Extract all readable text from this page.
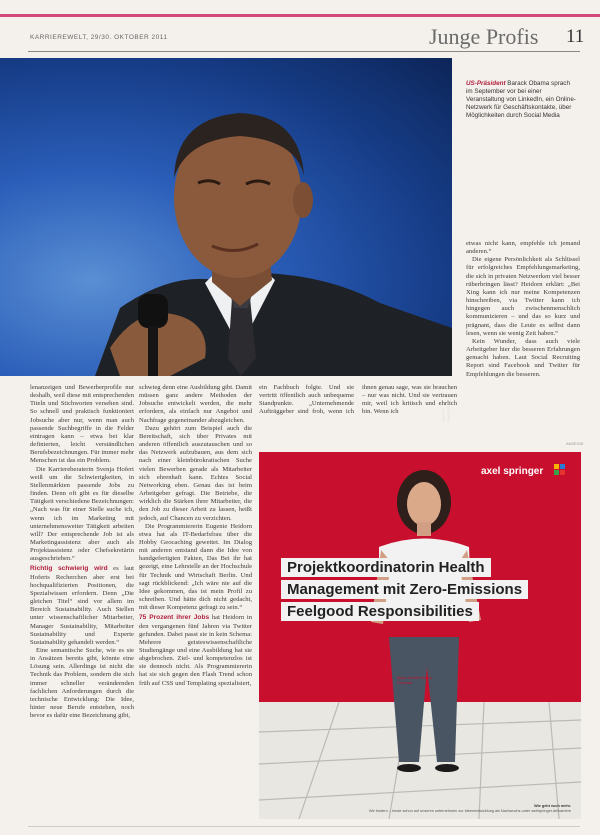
KARRIEREWELT, 29/30. OKTOBER 2011	Junge Profis 11
GETTY IMAGES
US-Präsident Barack Obama sprach im September vor bei einer Veranstaltung von LinkedIn, ein Online-Netzwerk für Geschäftskontakte, über Möglichkeiten durch Social Media

etwas nicht kann, empfehle ich jemand anderen.“

Die eigene Persönlichkeit als Schlüssel für erfolgreiches Empfehlungsmarketing, die sich in privaten Netzwerken viel besser rüberbringen lässt? Heidorn erklärt: „Bei Xing kann ich nur meine Kompetenzen hinschreiben, via Twitter kann ich hingegen auch zwischenmenschlich kommunizieren – und das so kurz und prägnant, dass die Leute es selbst dann lesen, wenn sie wenig Zeit haben.“

Kein Wunder, dass auch viele Arbeitgeber hier die besseren Erfahrungen gemacht haben. Laut Social Recruiting Report sind Facebook und Twitter für Empfehlungen die besseren.

lenanzeigen und Bewerberprofile nur deshalb, weil diese mit entsprechenden Titeln und Stichworten versehen sind. So schnell und praktisch funktioniert Jobsuche aber nur, wenn man auch passende Suchbegriffe in die Felder eintragen kann – etwa bei klar definierten, leicht verständlichen Berufsbezeichnungen. Für immer mehr Menschen ist das ein Problem.

Die Karriereberaterin Svenja Hofert weiß um die Schwierigkeiten, in Stellenmärkten passende Jobs zu finden. Denn oft gibt es für dieselbe Tätigkeit verschiedene Bezeichnungen: „Nach was für einer Stelle suche ich, wenn ich im Marketing mit unternehmensweiter Tätigkeit arbeiten will? Der entsprechende Job ist als Marketingassistenz aber auch als Projektassistenz oder Chefsekretärin ausgeschrieben.“

Richtig schwierig wird es laut Hoferts Recherchen aber erst bei hochqualifizierten Positionen, die Spezialwissen erfordern. Denn „Die gleichen Titel“ sind vor allem im Bereich Sustainability. Auch Stellen unter wissenschaftlicher Mitarbeiter, Manager Sustainability, Mitarbeiter Sustainability und Experte Sustainability gehandelt werden.“

Eine semantische Suche, wie es sie in Ansätzen bereits gibt, könnte eine Lösung sein. Allerdings ist nicht die Technik das Problem, sondern die sich immer schneller verändernden fachlichen Anforderungen durch die technische Entwicklung: Die Idee, hinter neue Berufe entstehen, noch bevor es dafür eine Bezeichnung gibt,

schwieg denn eine Ausbildung gibt. Damit müssen ganz andere Methoden der Jobsuche entwickelt werden, die mehr erfordern, als einfach nur Angebot und Nachfrage gegeneinander abzugleichen.

Dazu gehört zum Beispiel auch die Bereitschaft, sich über Privates mit anderen öffentlich auszutauschen und so das Netzwerk aufzubauen, aus dem sich nach einer kleinbürokratischen Suche vielen Bewerben gerade als Mitarbeiter sich ehrenhaft kann. Echtes Social Networking eben. Genau das ist beim Arbeitgeber gefragt. Die Betriebe, die wirklich die Stärken ihrer Mitarbeiter, die den Job zu dieser Arbeit zu lassen, heißt jedoch, auf Chancen zu verzichten.

Die Programmiererin Eugenie Heidorn etwa hat als IT-Bedarfsfrau über die Hobby Geocaching gewettet. Im Dialog mit anderen entstand dann die Idee von handgefertigten Fakten, Das Bei ihr hat gezeigt, eine Lehrstelle an der Hochschule für Technik und Wirtschaft Berlin. Und sagt rückblickend: „Ich wäre nie auf die Idee gekommen, das ist mein Profil zu schreiben. Und hätte dich nicht gedacht, mit dieser Kompetenz gefragt zu sein.“

75 Prozent ihrer Jobs hat Heidorn in den vergangenen fünf Jahren via Twitter gefunden. Dabei passt sie in kein Schema: Mehrere geisteswissenschaftliche Studiengänge und eine Ausbildung hat sie abgebrochen. Ziel- und kompetenzlos ist sie dennoch nicht. Als Programmiererin hat sie sich gegen den Flash Trend schon früh auf CSS und Templating spezialisiert,

ein Fachbuch folgte. Und sie vertritt öffentlich auch unbequeme Standpunkte. „Unternehmende Aufträggeber sind froh, wenn ich ihnen genau sage, was sie brauchen – nur was nicht. Und sie vertrauen mir, weil ich kritisch und ehrlich bin. Wenn ich

ANZEIGE
axel springer
Projektkoordinatorin Health
Management mit Zero-Emissions
Feelgood Responsibilities
Marie-Cecilie Zietlow
Personal
Wie geht euch mehr.
Wir fordern – heute schon auf unseren unternehmen zur Ideenentwicklung als Nachwuchs unter axelspringer.de/karriere
